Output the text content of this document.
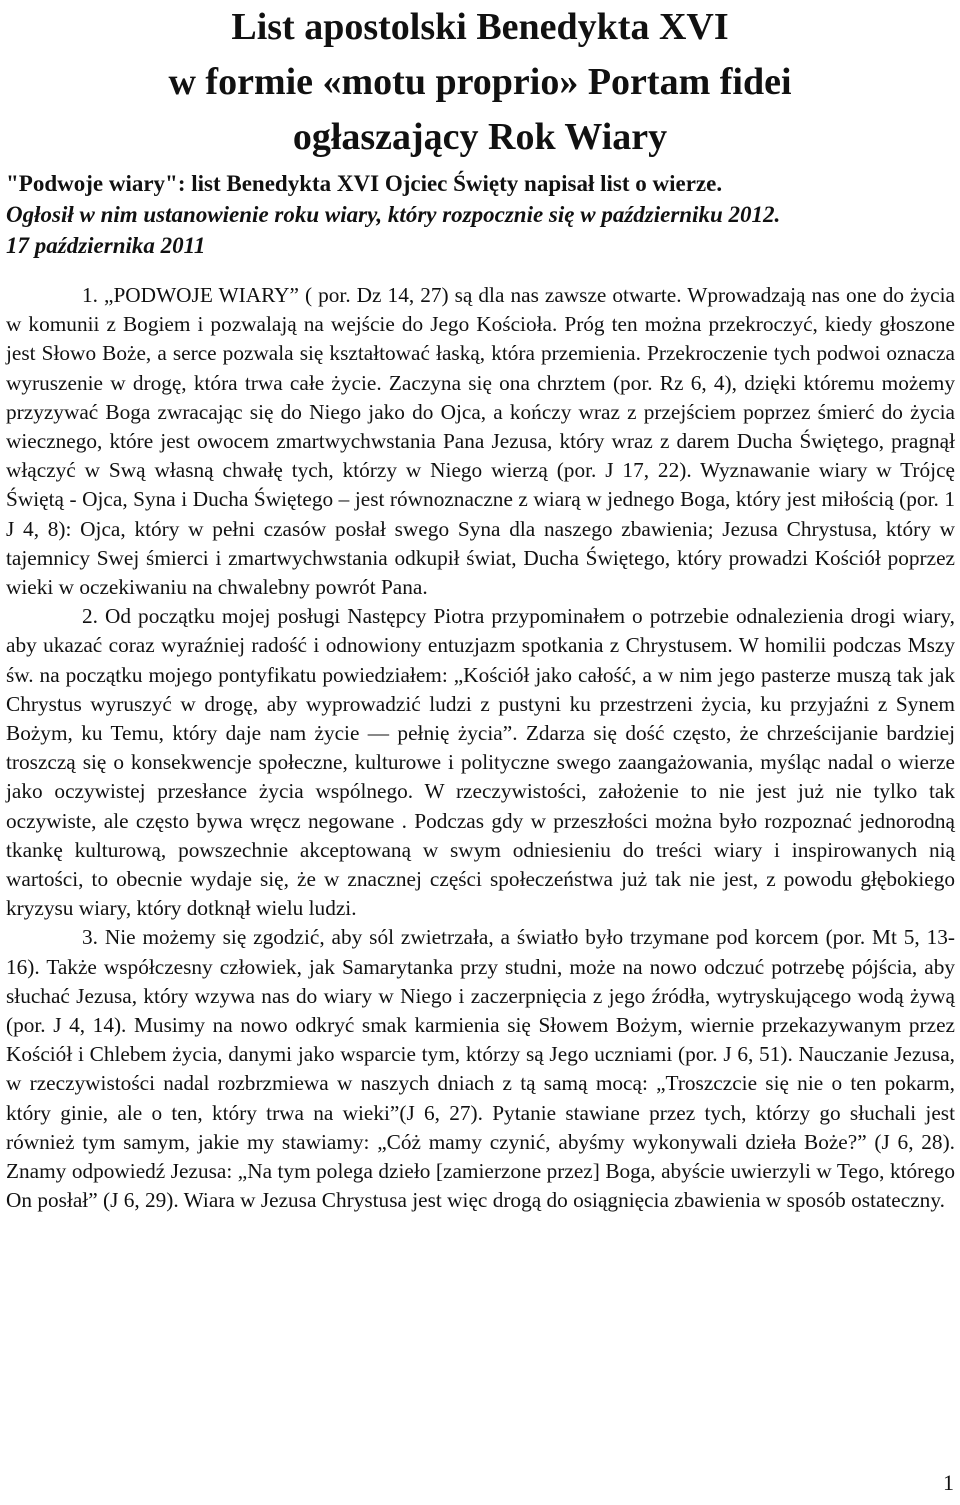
List apostolski Benedykta XVI
w formie «motu proprio» Portam fidei
ogłaszający Rok Wiary
"Podwoje wiary": list Benedykta XVI Ojciec Święty napisał list o wierze.
Ogłosił w nim ustanowienie roku wiary, który rozpocznie się w październiku 2012.
17 października 2011

1. „PODWOJE WIARY” ( por. Dz 14, 27) są dla nas zawsze otwarte. Wprowadzają nas one do życia w komunii z Bogiem i pozwalają na wejście do Jego Kościoła. Próg ten można przekroczyć, kiedy głoszone jest Słowo Boże, a serce pozwala się kształtować łaską, która przemienia. Przekroczenie tych podwoi oznacza wyruszenie w drogę, która trwa całe życie. Zaczyna się ona chrztem (por. Rz 6, 4), dzięki któremu możemy przyzywać Boga zwracając się do Niego jako do Ojca, a kończy wraz z przejściem poprzez śmierć do życia wiecznego, które jest owocem zmartwychwstania Pana Jezusa, który wraz z darem Ducha Świętego, pragnął włączyć w Swą własną chwałę tych, którzy w Niego wierzą (por. J 17, 22). Wyznawanie wiary w Trójcę Świętą - Ojca, Syna i Ducha Świętego – jest równoznaczne z wiarą w jednego Boga, który jest miłością (por. 1 J 4, 8): Ojca, który w pełni czasów posłał swego Syna dla naszego zbawienia; Jezusa Chrystusa, który w tajemnicy Swej śmierci i zmartwychwstania odkupił świat, Ducha Świętego, który prowadzi Kościół poprzez wieki w oczekiwaniu na chwalebny powrót Pana.

2. Od początku mojej posługi Następcy Piotra przypominałem o potrzebie odnalezienia drogi wiary, aby ukazać coraz wyraźniej radość i odnowiony entuzjazm spotkania z Chrystusem. W homilii podczas Mszy św. na początku mojego pontyfikatu powiedziałem: „Kościół jako całość, a w nim jego pasterze muszą tak jak Chrystus wyruszyć w drogę, aby wyprowadzić ludzi z pustyni ku przestrzeni życia, ku przyjaźni z Synem Bożym, ku Temu, który daje nam życie — pełnię życia”. Zdarza się dość często, że chrześcijanie bardziej troszczą się o konsekwencje społeczne, kulturowe i polityczne swego zaangażowania, myśląc nadal o wierze jako oczywistej przesłance życia wspólnego. W rzeczywistości, założenie to nie jest już nie tylko tak oczywiste, ale często bywa wręcz negowane . Podczas gdy w przeszłości można było rozpoznać jednorodną tkankę kulturową, powszechnie akceptowaną w swym odniesieniu do treści wiary i inspirowanych nią wartości, to obecnie wydaje się, że w znacznej części społeczeństwa już tak nie jest, z powodu głębokiego kryzysu wiary, który dotknął wielu ludzi.

3. Nie możemy się zgodzić, aby sól zwietrzała, a światło było trzymane pod korcem (por. Mt 5, 13-16). Także współczesny człowiek, jak Samarytanka przy studni, może na nowo odczuć potrzebę pójścia, aby słuchać Jezusa, który wzywa nas do wiary w Niego i zaczerpnięcia z jego źródła, wytryskującego wodą żywą (por. J 4, 14). Musimy na nowo odkryć smak karmienia się Słowem Bożym, wiernie przekazywanym przez Kościół i Chlebem życia, danymi jako wsparcie tym, którzy są Jego uczniami (por. J 6, 51). Nauczanie Jezusa, w rzeczywistości nadal rozbrzmiewa w naszych dniach z tą samą mocą: „Troszczcie się nie o ten pokarm, który ginie, ale o ten, który trwa na wieki”(J 6, 27). Pytanie stawiane przez tych, którzy go słuchali jest również tym samym, jakie my stawiamy: „Cóż mamy czynić, abyśmy wykonywali dzieła Boże?” (J 6, 28). Znamy odpowiedź Jezusa: „Na tym polega dzieło [zamierzone przez] Boga, abyście uwierzyli w Tego, którego On posłał” (J 6, 29). Wiara w Jezusa Chrystusa jest więc drogą do osiągnięcia zbawienia w sposób ostateczny.

1
